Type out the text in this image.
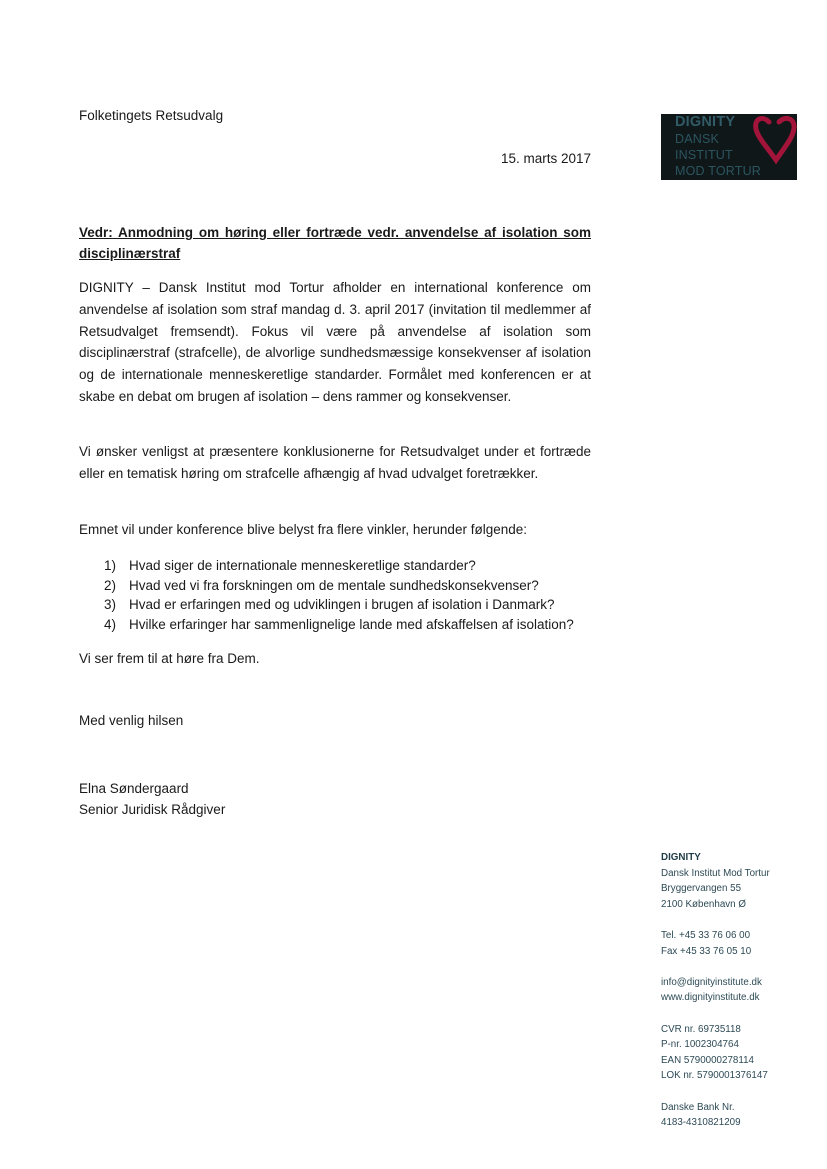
Folketingets Retsudvalg
15. marts 2017
DIGNITY
DANSK
INSTITUT
MOD TORTUR
Vedr: Anmodning om høring eller fortræde vedr. anvendelse af isolation som disciplinærstraf
DIGNITY – Dansk Institut mod Tortur afholder en international konference om anvendelse af isolation som straf mandag d. 3. april 2017 (invitation til medlemmer af Retsudvalget fremsendt). Fokus vil være på anvendelse af isolation som disciplinærstraf (strafcelle), de alvorlige sundhedsmæssige konsekvenser af isolation og de internationale menneskeretlige standarder. Formålet med konferencen er at skabe en debat om brugen af isolation – dens rammer og konsekvenser.
Vi ønsker venligst at præsentere konklusionerne for Retsudvalget under et fortræde eller en tematisk høring om strafcelle afhængig af hvad udvalget foretrækker.
Emnet vil under konference blive belyst fra flere vinkler, herunder følgende:
1) Hvad siger de internationale menneskeretlige standarder?
2) Hvad ved vi fra forskningen om de mentale sundhedskonsekvenser?
3) Hvad er erfaringen med og udviklingen i brugen af isolation i Danmark?
4) Hvilke erfaringer har sammenlignelige lande med afskaffelsen af isolation?
Vi ser frem til at høre fra Dem.
Med venlig hilsen
Elna Søndergaard
Senior Juridisk Rådgiver
DIGNITY
Dansk Institut Mod Tortur
Bryggervangen 55
2100 København Ø
Tel. +45 33 76 06 00
Fax +45 33 76 05 10
info@dignityinstitute.dk
www.dignityinstitute.dk
CVR nr. 69735118
P-nr. 1002304764
EAN 5790000278114
LOK nr. 5790001376147
Danske Bank Nr.
4183-4310821209
